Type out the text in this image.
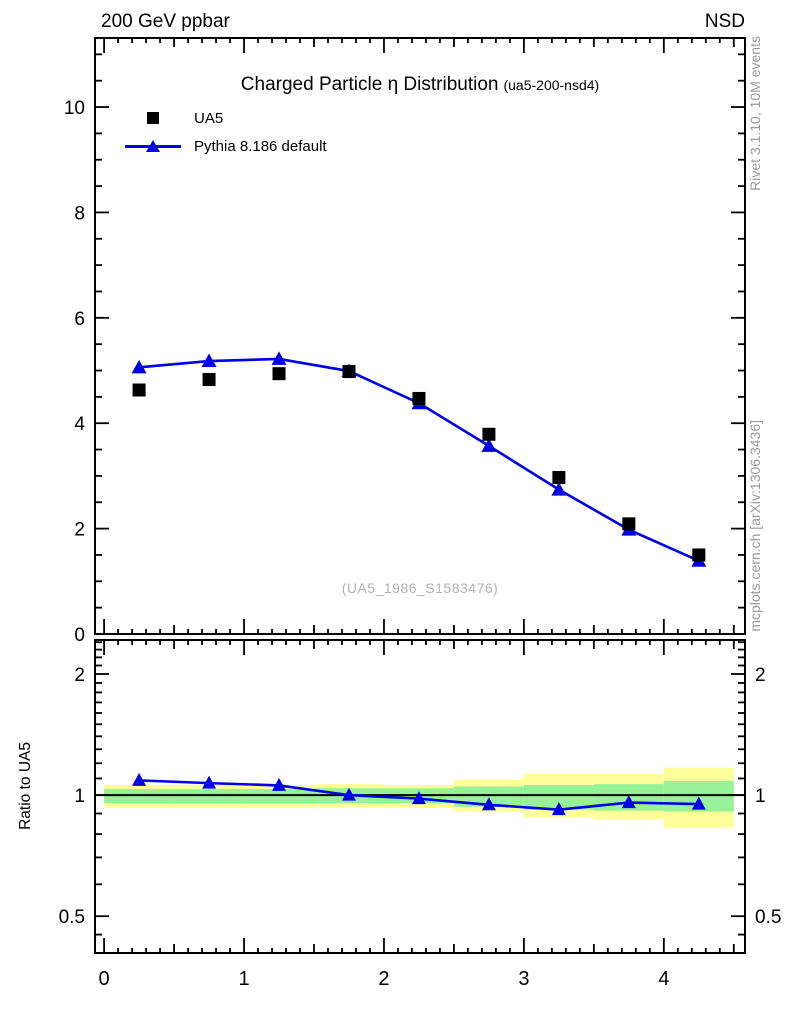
200 GeV ppbar	NSD
0
2
4
6
8
10
2	2
1	1
0.5	0.5
0	1	2	3	4
Charged Particle η Distribution (ua5-200-nsd4)
UA5
Pythia 8.186 default
(UA5_1986_S1583476)
Rivet 3.1.10, 10M events
mcplots.cern.ch [arXiv:1306.3436]
Ratio to UA5
